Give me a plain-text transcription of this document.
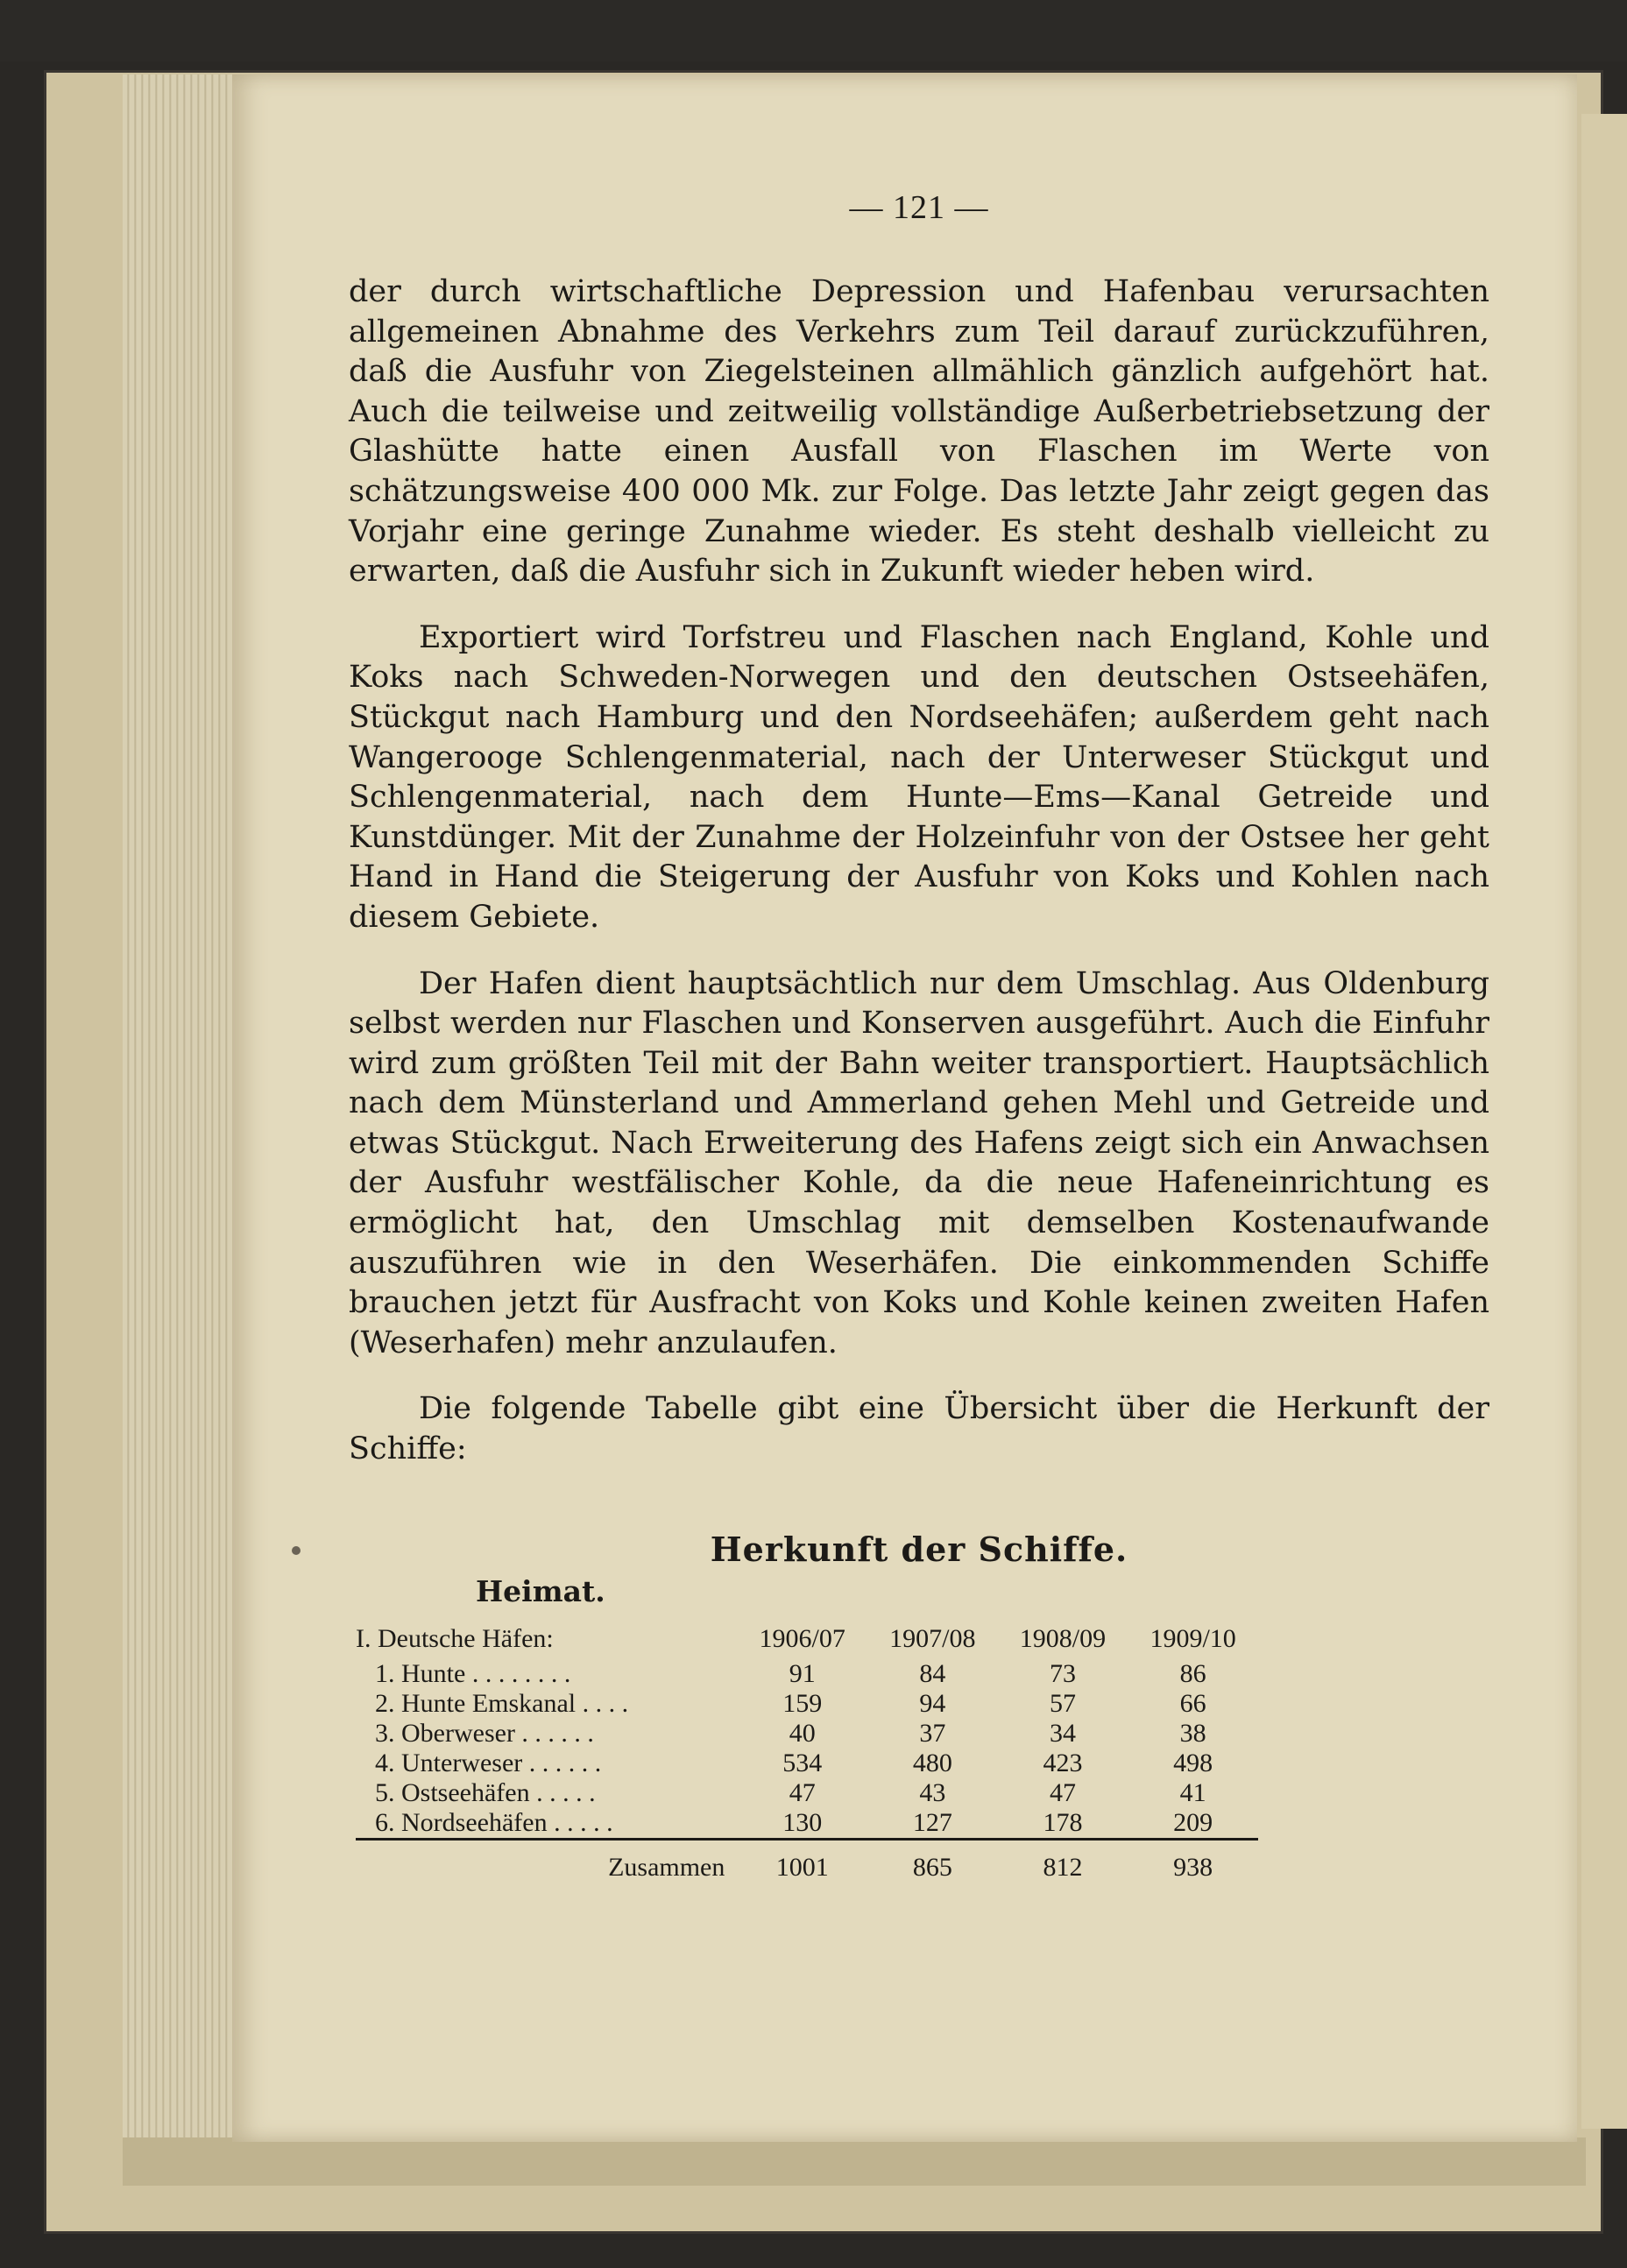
— 121 —

der durch wirtschaftliche Depression und Hafenbau verursachten allgemeinen Abnahme des Verkehrs zum Teil darauf zurückzuführen, daß die Ausfuhr von Ziegelsteinen allmählich gänzlich aufgehört hat. Auch die teilweise und zeitweilig vollständige Außerbetriebsetzung der Glashütte hatte einen Ausfall von Flaschen im Werte von schätzungsweise 400 000 Mk. zur Folge. Das letzte Jahr zeigt gegen das Vorjahr eine geringe Zunahme wieder. Es steht deshalb vielleicht zu erwarten, daß die Ausfuhr sich in Zukunft wieder heben wird.

Exportiert wird Torfstreu und Flaschen nach England, Kohle und Koks nach Schweden-Norwegen und den deutschen Ostseehäfen, Stückgut nach Hamburg und den Nordseehäfen; außerdem geht nach Wangerooge Schlengenmaterial, nach der Unterweser Stückgut und Schlengenmaterial, nach dem Hunte—Ems—Kanal Getreide und Kunstdünger. Mit der Zunahme der Holzeinfuhr von der Ostsee her geht Hand in Hand die Steigerung der Ausfuhr von Koks und Kohlen nach diesem Gebiete.

Der Hafen dient hauptsächtlich nur dem Umschlag. Aus Oldenburg selbst werden nur Flaschen und Konserven ausgeführt. Auch die Einfuhr wird zum größten Teil mit der Bahn weiter transportiert. Hauptsächlich nach dem Münsterland und Ammerland gehen Mehl und Getreide und etwas Stückgut. Nach Erweiterung des Hafens zeigt sich ein Anwachsen der Ausfuhr westfälischer Kohle, da die neue Hafeneinrichtung es ermöglicht hat, den Umschlag mit demselben Kostenaufwande auszuführen wie in den Weserhäfen. Die einkommenden Schiffe brauchen jetzt für Ausfracht von Koks und Kohle keinen zweiten Hafen (Weserhafen) mehr anzulaufen.

Die folgende Tabelle gibt eine Übersicht über die Herkunft der Schiffe:

Herkunft der Schiffe.
Heimat.
I. Deutsche Häfen:	1906/07	1907/08	1908/09	1909/10
1. Hunte . . . . . . . .	91	84	73	86
2. Hunte Emskanal . . . .	159	94	57	66
3. Oberweser . . . . . .	40	37	34	38
4. Unterweser . . . . . .	534	480	423	498
5. Ostseehäfen . . . . .	47	43	47	41
6. Nordseehäfen . . . . .	130	127	178	209
Zusammen	1001	865	812	938
